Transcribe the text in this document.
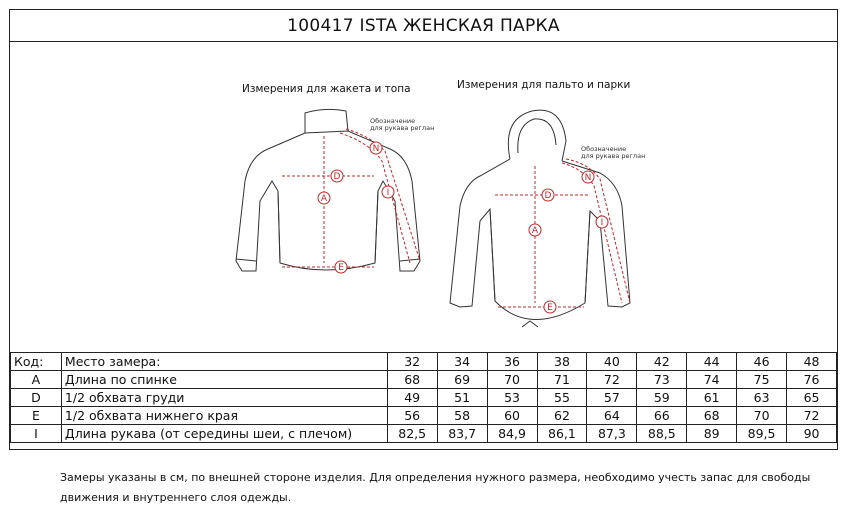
100417 ISTA ЖЕНСКАЯ ПАРКА
D
A
E
N
I	D
A
E
N
I
Измерения для жакета и топа	Измерения для пальто и парки
Обозначение
для рукава реглан
Обозначение
для рукава реглан
Код:	Место замера:	32	34	36	38	40	42	44	46	48
A	Длина по спинке	68	69	70	71	72	73	74	75	76
D	1/2 обхвата груди	49	51	53	55	57	59	61	63	65
E	1/2 обхвата нижнего края	56	58	60	62	64	66	68	70	72
I	Длина рукава (от середины шеи, с плечом)	82,5	83,7	84,9	86,1	87,3	88,5	89	89,5	90
Замеры указаны в см, по внешней стороне изделия. Для определения нужного размера, необходимо учесть запас для свободы движения и внутреннего слоя одежды.
